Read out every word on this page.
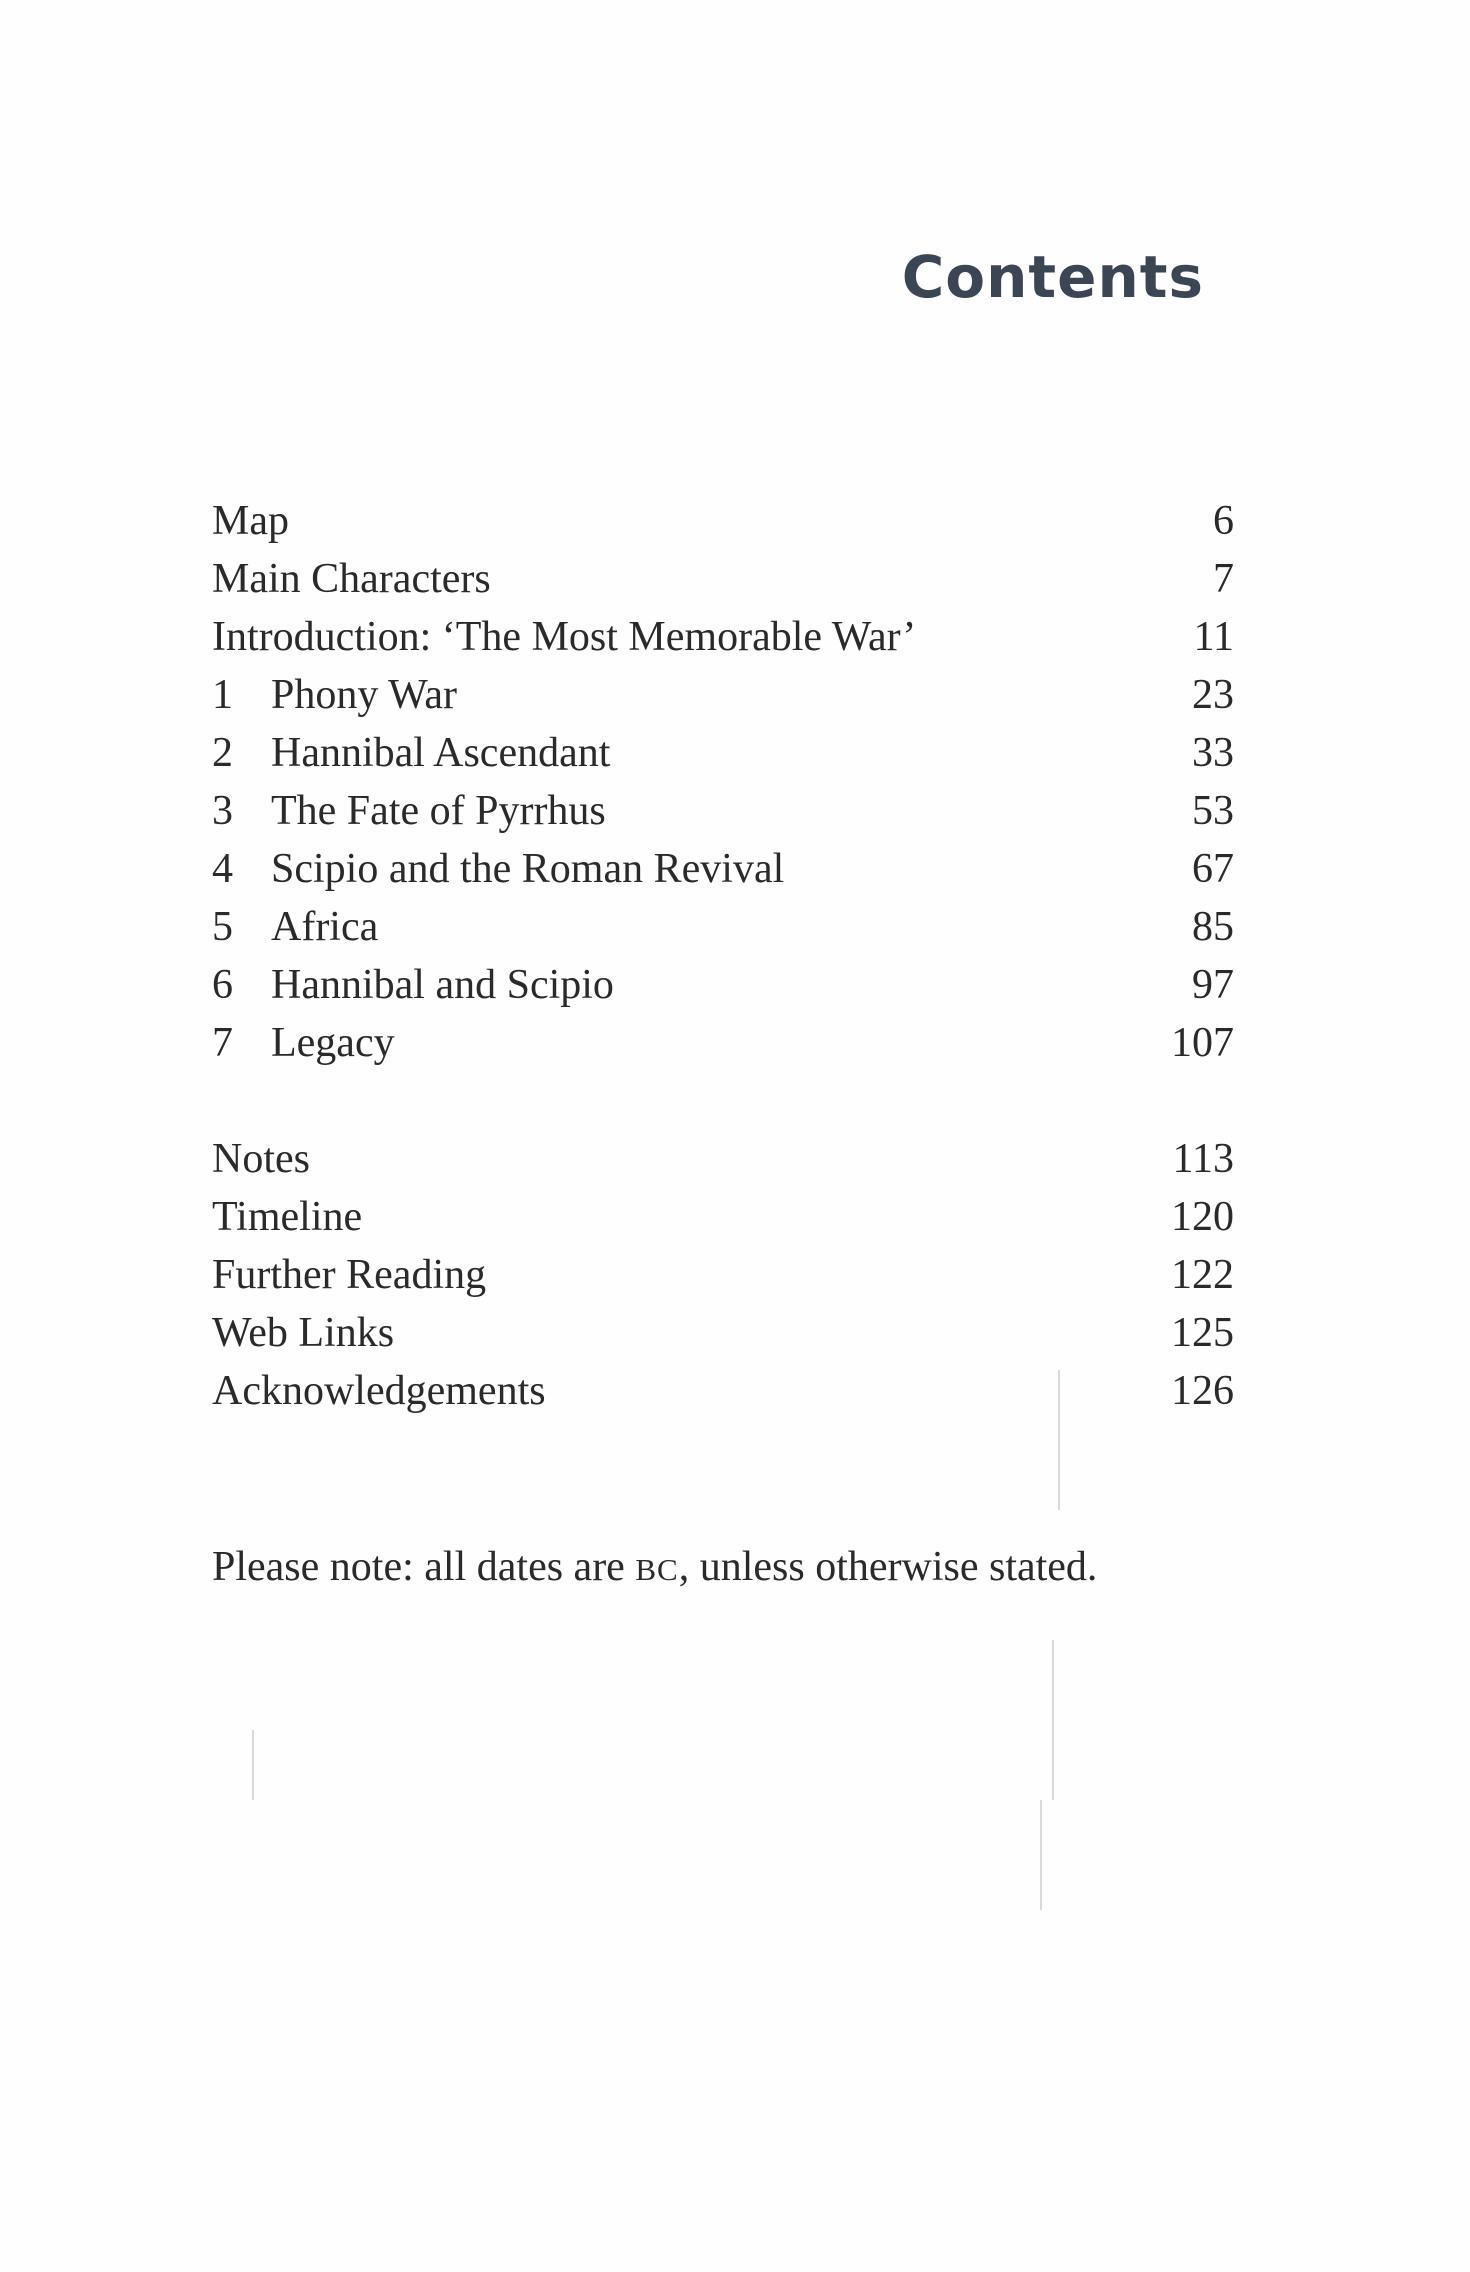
Contents
Map	6
Main Characters	7
Introduction: ‘The Most Memorable War’	11
1 Phony War	23
2 Hannibal Ascendant	33
3 The Fate of Pyrrhus	53
4 Scipio and the Roman Revival	67
5 Africa	85
6 Hannibal and Scipio	97
7 Legacy	107
Notes	113
Timeline	120
Further Reading	122
Web Links	125
Acknowledgements	126

Please note: all dates are BC, unless otherwise stated.
